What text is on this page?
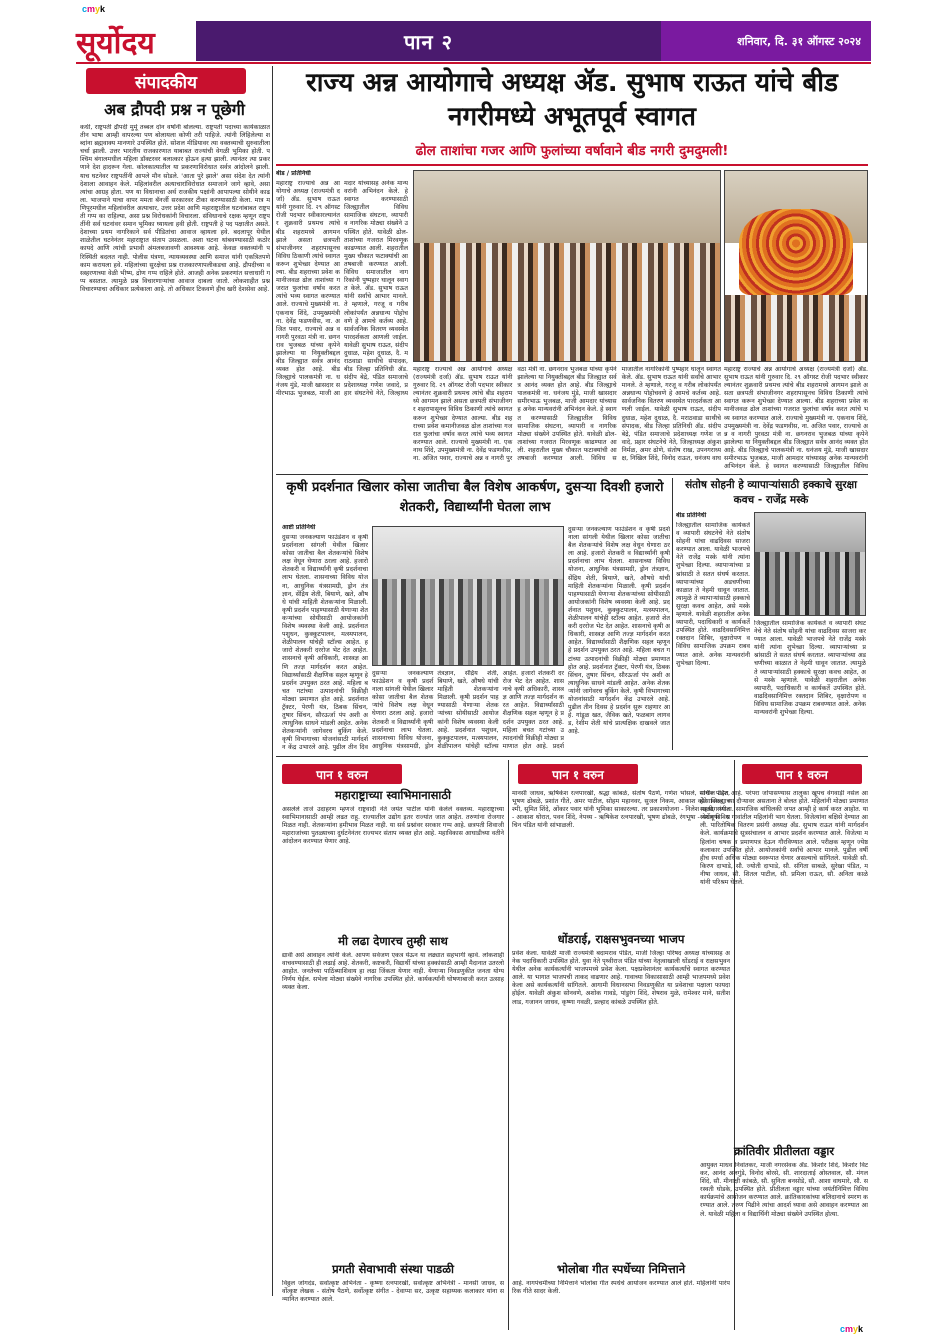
cmyk
सूर्योदय	पान २	शनिवार, दि. ३१ ऑगस्ट २०२४
संपादकीय
अब द्रौपदी प्रश्न न पूछेगी
कधी, राष्ट्रपती द्रौपदी मुर्मू तब्बल दोन वर्षांनी बोलल्या. राष्ट्रपती पदाच्या कार्यकाळात तीन भाषा आम्ही वापरल्या पण बोलायला कोणी तरी पाहिजे. त्यांनी लिहिलेल्या शब्दांना ब्रह्मवाक्य मानणारे उपस्थित होते. सोशल मीडियावर त्या वक्तव्याची सुरुवातीला चर्चा झाली. उत्तर भारतीय राजकारणात याबाबत राज्यांची वेगळी भूमिका होती. पश्चिम बंगालमधील महिला डॉक्टरवर बलात्कार होऊन हत्या झाली. त्यानंतर त्या प्रकरणाने देश हादरून गेला. कोलकात्यातील या प्रकरणाविरोधात सर्वत्र आंदोलने झाली. याच घटनेवर राष्ट्रपतींनी आपले मौन सोडले. 'आता पुरे झाले' असा संदेश देत त्यांनी देशाला आवाहन केले. महिलांवरील अत्याचारांविरोधात समाजाने जागे व्हावे, असा त्यांचा आग्रह होता. पण या विधानाचा अर्थ राजकीय पक्षांनी आपापल्या सोयीने काढला. भाजपाने याचा वापर ममता बॅनर्जी सरकारवर टीका करण्यासाठी केला. मात्र मणिपूरमधील महिलांवरील अत्याचार, उत्तर प्रदेश आणि महाराष्ट्रातील घटनांबाबत राष्ट्रपती गप्प का राहिल्या, असा प्रश्न विरोधकांनी विचारला. संविधानाचे रक्षक म्हणून राष्ट्रपतींनी सर्व घटनांवर समान भूमिका घ्यायला हवी होती. राष्ट्रपती हे पद पक्षातीत असते. देशाच्या प्रथम नागरिकाने सर्व पीडितांचा आवाज व्हायला हवे. बदलापूर येथील शाळेतील घटनेनंतर महाराष्ट्रात संताप उसळला. अशा घटना थांबवण्यासाठी कठोर कायदे आणि त्यांची प्रभावी अंमलबजावणी आवश्यक आहे. केवळ वक्तव्यांनी परिस्थिती बदलत नाही. पोलीस यंत्रणा, न्यायव्यवस्था आणि समाज यांनी एकत्रितपणे काम करायला हवे. महिलांच्या सुरक्षेचा प्रश्न राजकारणापलीकडचा आहे. द्रौपदीच्या वस्त्रहरणाच्या वेळी भीष्म, द्रोण गप्प राहिले होते. आजही अनेक प्रकरणांत सत्ताधारी गप्प बसतात. त्यामुळे प्रश्न विचारणाऱ्यांचा आवाज दाबला जातो. लोकशाहीत प्रश्न विचारण्याचा अधिकार प्रत्येकाला आहे. तो अधिकार टिकवणे हीच खरी देशसेवा आहे.
राज्य अन्न आयोगाचे अध्यक्ष ॲड. सुभाष राऊत यांचे बीड नगरीमध्ये अभूतपूर्व स्वागत
ढोल ताशांचा गजर आणि फुलांच्या वर्षावाने बीड नगरी दुमदुमली!
बीड / प्रतिनिधी
महाराष्ट्र राज्याचे अन्न आयोगाचे अध्यक्ष (राज्यमंत्री दर्जा) ॲड. सुभाष राऊत यांनी गुरुवार दि. २९ ऑगस्ट रोजी पदभार स्वीकारल्यानंतर शुक्रवारी प्रथमच त्यांचे बीड शहरामध्ये आगमन झाले असता छत्रपती संभाजीनगर शहरापासूनच विविध ठिकाणी त्यांचे स्वागत करून शुभेच्छा देण्यात आल्या. बीड शहराच्या प्रवेश कमानीजवळ ढोल ताशांच्या गजरात फुलांचा वर्षाव करत त्यांचे भव्य स्वागत करण्यात आले. राज्याचे मुख्यमंत्री ना. एकनाथ शिंदे, उपमुख्यमंत्री ना. देवेंद्र फडणवीस, ना. अजित पवार, राज्याचे अन्न व नागरी पुरवठा मंत्री ना. छगनराव भुजबळ यांच्या कृपेने झालेल्या या नियुक्तीबद्दल बीड जिल्ह्यात सर्वत्र आनंद व्यक्त होत आहे. बीड जिल्ह्याचे पालकमंत्री ना. धनंजय मुंडे, माजी खासदार समीरभाऊ भुजबळ, माजी आमदार यांच्यासह अनेक मान्यवरांनी अभिनंदन केले. हे स्वागत करण्यासाठी जिल्ह्यातील विविध सामाजिक संघटना, व्यापारी व नागरिक मोठ्या संख्येने उपस्थित होते. यावेळी ढोल-ताशांच्या गजरात मिरवणूक काढण्यात आली. शहरातील मुख्य चौकात फटाक्यांची आतषबाजी करण्यात आली. विविध समाजातील नागरिकांनी पुष्पहार घालून स्वागत केले. ॲड. सुभाष राऊत यांनी सर्वांचे आभार मानले. ते म्हणाले, गरजू व गरीब लोकांपर्यंत अन्नधान्य पोहोचवणे हे आमचे कर्तव्य आहे. सार्वजनिक वितरण व्यवस्थेत पारदर्शकता आणली जाईल. यावेळी सुभाष राऊत, संदीप दुधाळ, महेश दुधाळ, दै. मराठवाडा साथीचे संपादक, बीड जिल्हा प्रतिनिधी ॲड. संदीप बेद्रे, पंडित समाजाचे प्रदेशाध्यक्ष गणेश जवादे, प्रहार संघटनेचे नेते, जिल्हाध्य
महाराष्ट्र राज्याचे अन्न आयोगाचे अध्यक्ष (राज्यमंत्री दर्जा) ॲड. सुभाष राऊत यांनी गुरुवार दि. २९ ऑगस्ट रोजी पदभार स्वीकारल्यानंतर शुक्रवारी प्रथमच त्यांचे बीड शहरामध्ये आगमन झाले असता छत्रपती संभाजीनगर शहरापासूनच विविध ठिकाणी त्यांचे स्वागत करून शुभेच्छा देण्यात आल्या. बीड शहराच्या प्रवेश कमानीजवळ ढोल ताशांच्या गजरात फुलांचा वर्षाव करत त्यांचे भव्य स्वागत करण्यात आले. राज्याचे मुख्यमंत्री ना. एकनाथ शिंदे, उपमुख्यमंत्री ना. देवेंद्र फडणवीस, ना. अजित पवार, राज्याचे अन्न व नागरी पुरवठा मंत्री ना. छगनराव भुजबळ यांच्या कृपेने झालेल्या या नियुक्तीबद्दल बीड जिल्ह्यात सर्वत्र आनंद व्यक्त होत आहे. बीड जिल्ह्याचे पालकमंत्री ना. धनंजय मुंडे, माजी खासदार समीरभाऊ भुजबळ, माजी आमदार यांच्यासह अनेक मान्यवरांनी अभिनंदन केले. हे स्वागत करण्यासाठी जिल्ह्यातील विविध सामाजिक संघटना, व्यापारी व नागरिक मोठ्या संख्येने उपस्थित होते. यावेळी ढोल-ताशांच्या गजरात मिरवणूक काढण्यात आली. शहरातील मुख्य चौकात फटाक्यांची आतषबाजी करण्यात आली. विविध समाजातील नागरिकांनी पुष्पहार घालून स्वागत केले. ॲड. सुभाष राऊत यांनी सर्वांचे आभार मानले. ते म्हणाले, गरजू व गरीब लोकांपर्यंत अन्नधान्य पोहोचवणे हे आमचे कर्तव्य आहे. सार्वजनिक वितरण व्यवस्थेत पारदर्शकता आणली जाईल. यावेळी सुभाष राऊत, संदीप दुधाळ, महेश दुधाळ, दै. मराठवाडा साथीचे संपादक, बीड जिल्हा प्रतिनिधी ॲड. संदीप बेद्रे, पंडित समाजाचे प्रदेशाध्यक्ष गणेश जवादे, प्रहार संघटनेचे नेते, जिल्हाध्यक्ष अंकुश निर्मळ, अमर ढोणे, संतोष राख, उपनगराध्यक्ष, निखिल शिंदे, विनोद राऊत, धनंजय वाघ
महाराष्ट्र राज्याचे अन्न आयोगाचे अध्यक्ष (राज्यमंत्री दर्जा) ॲड. सुभाष राऊत यांनी गुरुवार दि. २९ ऑगस्ट रोजी पदभार स्वीकारल्यानंतर शुक्रवारी प्रथमच त्यांचे बीड शहरामध्ये आगमन झाले असता छत्रपती संभाजीनगर शहरापासूनच विविध ठिकाणी त्यांचे स्वागत करून शुभेच्छा देण्यात आल्या. बीड शहराच्या प्रवेश कमानीजवळ ढोल ताशांच्या गजरात फुलांचा वर्षाव करत त्यांचे भव्य स्वागत करण्यात आले. राज्याचे मुख्यमंत्री ना. एकनाथ शिंदे, उपमुख्यमंत्री ना. देवेंद्र फडणवीस, ना. अजित पवार, राज्याचे अन्न व नागरी पुरवठा मंत्री ना. छगनराव भुजबळ यांच्या कृपेने झालेल्या या नियुक्तीबद्दल बीड जिल्ह्यात सर्वत्र आनंद व्यक्त होत आहे. बीड जिल्ह्याचे पालकमंत्री ना. धनंजय मुंडे, माजी खासदार समीरभाऊ भुजबळ, माजी आमदार यांच्यासह अनेक मान्यवरांनी अभिनंदन केले. हे स्वागत करण्यासाठी जिल्ह्यातील विविध
कृषी प्रदर्शनात खिलार कोसा जातीचा बैल विशेष आकर्षण, दुसऱ्या दिवशी हजारो शेतकरी, विद्यार्थ्यांनी घेतला लाभ
आष्टी प्रतिनिधी
दुसऱ्या जनकल्याण फाउंडेशन व कृषी प्रदर्शनाला सांगली येथील खिलार कोसा जातीचा बैल शेतकऱ्यांचे विशेष लक्ष वेधून घेणारा ठरला आहे. हजारो शेतकरी व विद्यार्थ्यांनी कृषी प्रदर्शनाचा लाभ घेतला. शासनाच्या विविध योजना, आधुनिक यंत्रसामग्री, ड्रोन तंत्रज्ञान, सेंद्रिय शेती, बियाणे, खते, औषधे यांची माहिती शेतकऱ्यांना मिळाली. कृषी प्रदर्शन पाहण्यासाठी येणाऱ्या शेतकऱ्यांच्या सोयीसाठी आयोजकांनी विशेष व्यवस्था केली आहे. प्रदर्शनात पशुधन, कुक्कुटपालन, मत्स्यपालन, शेळीपालन यांचेही स्टॉल्स आहेत. हजारो शेतकरी दररोज भेट देत आहेत. शासनाचे कृषी अधिकारी, शास्त्रज्ञ आणि तज्ज्ञ मार्गदर्शन करत आहेत. विद्यार्थ्यांसाठी शैक्षणिक सहल म्हणून हे प्रदर्शन उपयुक्त ठरत आहे. महिला बचत गटांच्या उत्पादनांची विक्रीही मोठ्या प्रमाणात होत आहे. प्रदर्शनात ट्रॅक्टर, पेरणी यंत्र, ठिबक सिंचन, तुषार सिंचन, सौरऊर्जा पंप अशी अत्याधुनिक साधने मांडली आहेत. अनेक शेतकऱ्यांनी जागेवरच बुकिंग केले. कृषी विभागाच्या योजनांसाठी मार्गदर्शन केंद्र उभारले आहे. पुढील तीन दिव
दुसऱ्या जनकल्याण फाउंडेशन व कृषी प्रदर्शनाला सांगली येथील खिलार कोसा जातीचा बैल शेतकऱ्यांचे विशेष लक्ष वेधून घेणारा ठरला आहे. हजारो शेतकरी व विद्यार्थ्यांनी कृषी प्रदर्शनाचा लाभ घेतला. शासनाच्या विविध योजना, आधुनिक यंत्रसामग्री, ड्रोन तंत्रज्ञान, सेंद्रिय शेती, बियाणे, खते, औषधे यांची माहिती शेतकऱ्यांना मिळाली. कृषी प्रदर्शन पाहण्यासाठी येणाऱ्या शेतकऱ्यांच्या सोयीसाठी आयोजकांनी विशेष व्यवस्था केली आहे. प्रदर्शनात पशुधन, कुक्कुटपालन, मत्स्यपालन, शेळीपालन यांचेही स्टॉल्स आहेत. हजारो शेतकरी दररोज भेट देत आहेत. शासनाचे कृषी अधिकारी, शास्त्रज्ञ आणि तज्ज्ञ मार्गदर्शन करत आहेत. विद्यार्थ्यांसाठी शैक्षणिक सहल म्हणून हे प्रदर्शन उपयुक्त ठरत आहे. महिला बचत गटांच्या उत्पादनांची विक्रीही मोठ्या प्रमाणात होत आहे. प्रदर्श
दुसऱ्या जनकल्याण फाउंडेशन व कृषी प्रदर्शनाला सांगली येथील खिलार कोसा जातीचा बैल शेतकऱ्यांचे विशेष लक्ष वेधून घेणारा ठरला आहे. हजारो शेतकरी व विद्यार्थ्यांनी कृषी प्रदर्शनाचा लाभ घेतला. शासनाच्या विविध योजना, आधुनिक यंत्रसामग्री, ड्रोन तंत्रज्ञान, सेंद्रिय शेती, बियाणे, खते, औषधे यांची माहिती शेतकऱ्यांना मिळाली. कृषी प्रदर्शन पाहण्यासाठी येणाऱ्या शेतकऱ्यांच्या सोयीसाठी आयोजकांनी विशेष व्यवस्था केली आहे. प्रदर्शनात पशुधन, कुक्कुटपालन, मत्स्यपालन, शेळीपालन यांचेही स्टॉल्स आहेत. हजारो शेतकरी दररोज भेट देत आहेत. शासनाचे कृषी अधिकारी, शास्त्रज्ञ आणि तज्ज्ञ मार्गदर्शन करत आहेत. विद्यार्थ्यांसाठी शैक्षणिक सहल म्हणून हे प्रदर्शन उपयुक्त ठरत आहे. महिला बचत गटांच्या उत्पादनांची विक्रीही मोठ्या प्रमाणात होत आहे. प्रदर्शनात ट्रॅक्टर, पेरणी यंत्र, ठिबक सिंचन, तुषार सिंचन, सौरऊर्जा पंप अशी अत्याधुनिक साधने मांडली आहेत. अनेक शेतकऱ्यांनी जागेवरच बुकिंग केले. कृषी विभागाच्या योजनांसाठी मार्गदर्शन केंद्र उभारले आहे. पुढील तीन दिवस हे प्रदर्शन सुरू राहणार आहे. गांडूळ खत, जैविक खते, फळबाग लागवड, रेशीम शेती यांचे प्रात्यक्षिक दाखवले जात आहे.
संतोष सोहनी हे व्यापाऱ्यांसाठी हक्काचे सुरक्षा कवच - राजेंद्र मस्के
बीड प्रतिनिधी
जिल्ह्यातील सामाजिक कार्यकर्ते व व्यापारी संघटनेचे नेते संतोष सोहनी यांचा वाढदिवस साजरा करण्यात आला. यावेळी भाजपचे नेते राजेंद्र मस्के यांनी त्यांना शुभेच्छा दिल्या. व्यापाऱ्यांच्या प्रश्नांसाठी ते सतत संघर्ष करतात. व्यापाऱ्यांच्या अडचणीच्या काळात ते नेहमी धावून जातात. त्यामुळे ते व्यापाऱ्यांसाठी हक्काचे सुरक्षा कवच आहेत, असे मस्के म्हणाले. यावेळी शहरातील अनेक व्यापारी, पदाधिकारी व कार्यकर्ते उपस्थित होते. वाढदिवसानिमित्त रक्तदान शिबिर, वृक्षारोपण व विविध सामाजिक उपक्रम राबवण्यात आले. अनेक मान्यवरांनी शुभेच्छा दिल्या.
जिल्ह्यातील सामाजिक कार्यकर्ते व व्यापारी संघटनेचे नेते संतोष सोहनी यांचा वाढदिवस साजरा करण्यात आला. यावेळी भाजपचे नेते राजेंद्र मस्के यांनी त्यांना शुभेच्छा दिल्या. व्यापाऱ्यांच्या प्रश्नांसाठी ते सतत संघर्ष करतात. व्यापाऱ्यांच्या अडचणीच्या काळात ते नेहमी धावून जातात. त्यामुळे ते व्यापाऱ्यांसाठी हक्काचे सुरक्षा कवच आहेत, असे मस्के म्हणाले. यावेळी शहरातील अनेक व्यापारी, पदाधिकारी व कार्यकर्ते उपस्थित होते. वाढदिवसानिमित्त रक्तदान शिबिर, वृक्षारोपण व विविध सामाजिक उपक्रम राबवण्यात आले. अनेक मान्यवरांनी शुभेच्छा दिल्या.
पान १ वरुन	पान १ वरुन	पान १ वरुन
महाराष्ट्राच्या स्वाभिमानासाठी
असलेले ताजे उदाहरण म्हणजे राष्ट्रवादी नेते जयंत पाटील यांनी केलेले वक्तव्य. महाराष्ट्राच्या स्वाभिमानासाठी आम्ही लढत राहू. राज्यातील उद्योग इतर राज्यांत जात आहेत. तरुणांना रोजगार मिळत नाही. शेतकऱ्यांना हमीभाव मिळत नाही. या सर्व प्रश्नांवर सरकार गप्प आहे. छत्रपती शिवाजी महाराजांच्या पुतळ्याच्या दुर्घटनेनंतर राज्यभर संताप व्यक्त होत आहे. महाविकास आघाडीच्या वतीने आंदोलन करण्यात येणार आहे.
मी लढा देणारच तुम्ही साथ
द्यावी असे आवाहन त्यांनी केले. आपण सर्वजण एकत्र येऊन या लढ्यात सहभागी व्हावे. लोकशाही वाचवण्यासाठी ही लढाई आहे. शेतकरी, कष्टकरी, विद्यार्थी यांच्या हक्कांसाठी आम्ही मैदानात उतरलो आहोत. जनतेच्या पाठिंब्याशिवाय हा लढा जिंकता येणार नाही. येणाऱ्या निवडणुकीत जनता योग्य निर्णय घेईल. सभेला मोठ्या संख्येने नागरिक उपस्थित होते. कार्यकर्त्यांनी घोषणाबाजी करत उत्साह व्यक्त केला.
प्रगती सेवाभावी संस्था पाडळी
विठ्ठल जोगदंड, सर्वोत्कृष्ट अभिनेता - कृष्णा रत्नपारखी, सर्वोत्कृष्ट अभिनेत्री - मानसी जाधव, सर्वोत्कृष्ट लेखक - संतोष पैठणे, सर्वोत्कृष्ट संगीत - देवाप्पा सर, उत्कृष्ट सहाय्यक कलाकार यांना सन्मानित करण्यात आले.
मानसी जाधव, ऋषिकेश रत्नपारखी, श्रद्धा कांबळे, संतोष पैठणे, गणेश भोसले, सचिन पंडित, भूषण ढोबळे, प्रशांत गीते, अमर पाटील, सोहम महानवर, सुजल निकम, आकाश कोरेगावकर, रश्मी, सुमित शिंदे, ओंकार पवार यांनी भूमिका साकारल्या. तर प्रकाशयोजना - निलेश माळी, संगीत - आकाश थोरात, पवन शिंदे, नेपथ्य - ऋषिकेश रत्नपारखी, भूषण ढोबळे, रंगभूषा - वेशभूषा - सचिन पंडित यांनी सांभाळली.
धोंडराई, राक्षसभुवनच्या भाजप
प्रवेश केला. यावेळी माजी राज्यमंत्री बदामराव पंडित, माजी जिल्हा परिषद अध्यक्ष यांच्यासह अनेक पदाधिकारी उपस्थित होते. युवा नेते पृथ्वीराज पंडित यांच्या नेतृत्वाखाली धोंडराई व राक्षसभुवन येथील अनेक कार्यकर्त्यांनी भाजपमध्ये प्रवेश केला. पक्षप्रवेशानंतर कार्यकर्त्यांचे स्वागत करण्यात आले. या भागात भाजपची ताकद वाढणार आहे. गावाच्या विकासासाठी आम्ही भाजपमध्ये प्रवेश केला असे कार्यकर्त्यांनी सांगितले. आगामी विधानसभा निवडणुकीत या प्रवेशाचा पक्षाला फायदा होईल. यावेळी अंकुश सोनवणे, अशोक गावडे, पांडुरंग शिंदे, शेषराव मुळे, रामेश्वर माने, सतीश लाड, गजानन जाधव, कृष्णा गवळी, प्रल्हाद कांबळे उपस्थित होते.
भोलोबा गीत स्पर्धेच्या निमित्ताने
आहे. नागपंचमीच्या निमित्ताने भोलोबा गीत स्पर्धेचे आयोजन करण्यात आले होते. महिलांनी पारंपरिक गीते सादर केली.
मागील उद्देश आहे. परंपरा जोपासण्यास तालुका खूपच वेगवाड़ी नसेल आहेत. जिल्ह्याच्या दौऱ्यावर असताना ते बोलत होते. महिलांनी मोठ्या प्रमाणात सहभाग घ्यावा. सामाजिक बांधिलकी जपत आम्ही हे कार्य करत आहोत. या स्पर्धेत विविध गावांतील महिलांनी भाग घेतला. विजेत्यांना बक्षिसे देण्यात आली. पारितोषिक वितरण प्रसंगी अध्यक्ष ॲड. सुभाष राऊत यांनी मार्गदर्शन केले. कार्यक्रमाचे सूत्रसंचालन व आभार प्रदर्शन करण्यात आले. विजेत्या महिलांना चषक व प्रमाणपत्र देऊन गौरविण्यात आले. परीक्षक म्हणून ज्येष्ठ कलाकार उपस्थित होते. आयोजकांनी सर्वांचे आभार मानले. पुढील वर्षी हीच स्पर्धा अधिक मोठ्या स्वरूपात घेणार असल्याचे सांगितले. यावेळी सौ. किरण दाभाडे, सौ. ज्योती दाभाडे, सौ. संगिता साबळे, सुरेखा पंडित, मनीषा जाधव, सौ. शितल पाटील, सौ. प्रमिला राऊत, सौ. अनिता काळे यांनी परिश्रम घेतले.
क्रांतिवीर प्रीतीलता वड्डार
आयुक्त माधव निवांतकर, माजी नगरसेवक ॲड. किशोर शिंदे, किशोर विटकर, आनंद अलगुंडे, विनोद बोरसे, सी. शारदाताई ओस्तवाल, सौ. मंगल शिंदे, सौ. मीनाक्षी कांबळे, सौ. सुनिता बनसोडे, सौ. आशा वाघमारे, सौ. सरस्वती घोडके, उपस्थित होते. प्रीतीलता वड्डार यांच्या जयंतीनिमित्त विविध कार्यक्रमांचे आयोजन करण्यात आले. क्रांतिकारकांच्या बलिदानाचे स्मरण करण्यात आले. तरुण पिढीने त्यांचा आदर्श घ्यावा असे आवाहन करण्यात आले. यावेळी महिला व विद्यार्थिनी मोठ्या संख्येने उपस्थित होत्या.
cmyk
